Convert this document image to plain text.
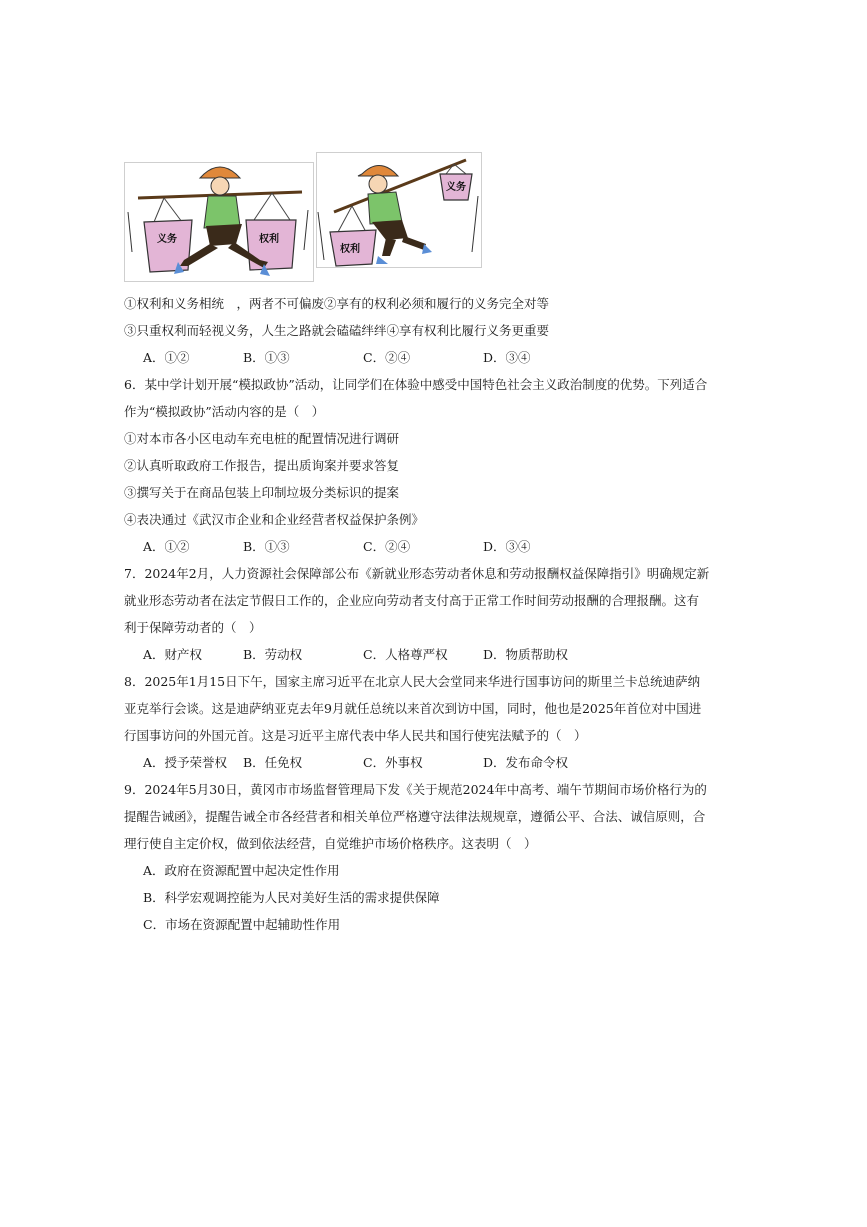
义务	权利
权利
义务
①权利和义务相统　，两者不可偏废②享有的权利必须和履行的义务完全对等
③只重权利而轻视义务，人生之路就会磕磕绊绊④享有权利比履行义务更重要
A．①②	B．①③	C．②④	D．③④
6．某中学计划开展“模拟政协”活动，让同学们在体验中感受中国特色社会主义政治制度的优势。下列适合
作为“模拟政协”活动内容的是（　）
①对本市各小区电动车充电桩的配置情况进行调研
②认真听取政府工作报告，提出质询案并要求答复
③撰写关于在商品包装上印制垃圾分类标识的提案
④表决通过《武汉市企业和企业经营者权益保护条例》
A．①②	B．①③	C．②④	D．③④
7．2024年2月，人力资源社会保障部公布《新就业形态劳动者休息和劳动报酬权益保障指引》明确规定新
就业形态劳动者在法定节假日工作的，企业应向劳动者支付高于正常工作时间劳动报酬的合理报酬。这有
利于保障劳动者的（　）
A．财产权	B．劳动权	C．人格尊严权	D．物质帮助权
8．2025年1月15日下午，国家主席习近平在北京人民大会堂同来华进行国事访问的斯里兰卡总统迪萨纳
亚克举行会谈。这是迪萨纳亚克去年9月就任总统以来首次到访中国，同时，他也是2025年首位对中国进
行国事访问的外国元首。这是习近平主席代表中华人民共和国行使宪法赋予的（　）
A．授予荣誉权 B．任免权	C．外事权	D．发布命令权
9．2024年5月30日，黄冈市市场监督管理局下发《关于规范2024年中高考、端午节期间市场价格行为的
提醒告诫函》，提醒告诫全市各经营者和相关单位严格遵守法律法规规章，遵循公平、合法、诚信原则，合
理行使自主定价权，做到依法经营，自觉维护市场价格秩序。这表明（　）
A．政府在资源配置中起决定性作用
B．科学宏观调控能为人民对美好生活的需求提供保障
C．市场在资源配置中起辅助性作用
